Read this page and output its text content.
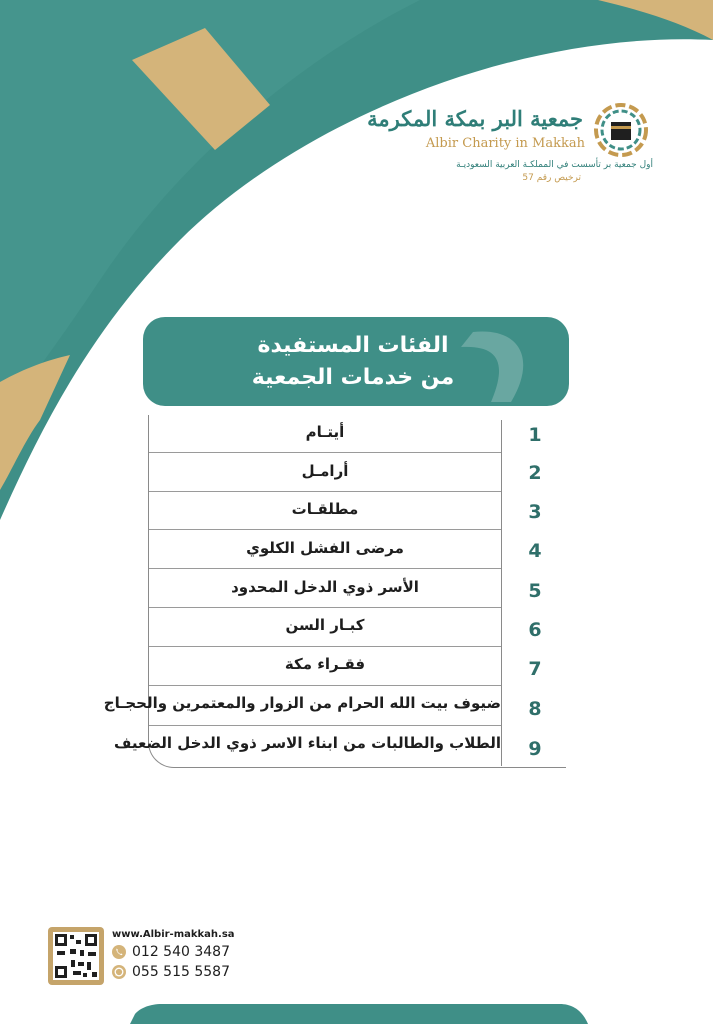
جمعية البر بمكة المكرمة
Albir Charity in Makkah
أول جمعية بر تأسست في المملكـة العربية السعوديـة
ترخيص رقم 57
الفئات المستفيدة
من خدمات الجمعية
أيتـام	1
أرامـل	2
مطلقـات	3
مرضى الفشل الكلوي	4
الأسر ذوي الدخل المحدود	5
كبـار السن	6
فقـراء مكة	7
ضيوف بيت الله الحرام من الزوار والمعتمرين والحجـاج	8
الطلاب والطالبات من ابناء الاسر ذوي الدخل الضعيف	9
www.Albir-makkah.sa
012 540 3487
055 515 5587
